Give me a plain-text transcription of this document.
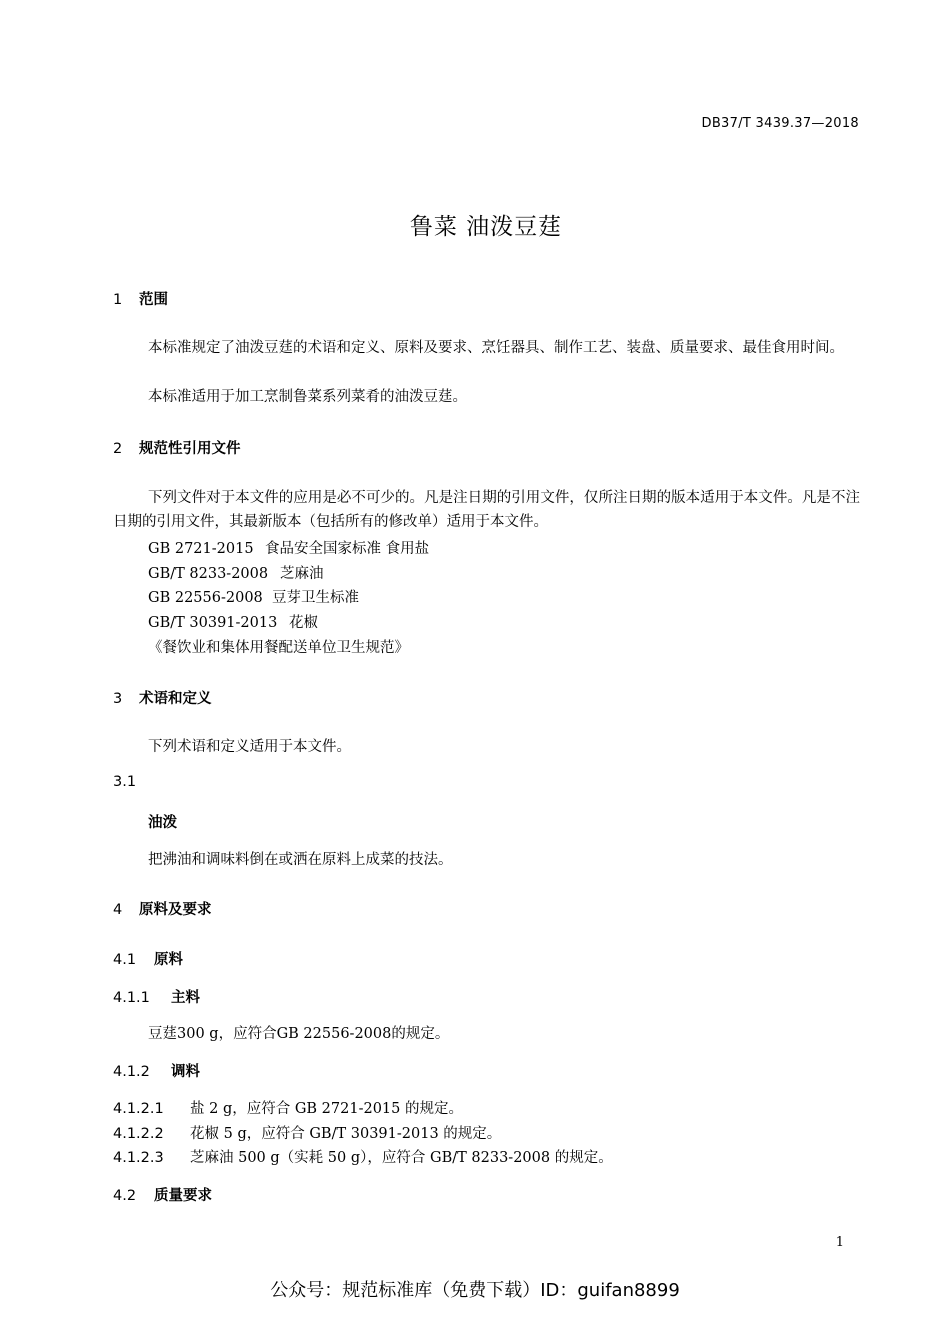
DB37/T 3439.37—2018
鲁菜 油泼豆莛
1 范围
本标准规定了油泼豆莛的术语和定义、原料及要求、烹饪器具、制作工艺、装盘、质量要求、最佳食用时间。
本标准适用于加工烹制鲁菜系列菜肴的油泼豆莛。
2 规范性引用文件
下列文件对于本文件的应用是必不可少的。凡是注日期的引用文件，仅所注日期的版本适用于本文件。凡是不注日期的引用文件，其最新版本（包括所有的修改单）适用于本文件。
GB 2721-2015 食品安全国家标准 食用盐
GB/T 8233-2008 芝麻油
GB 22556-2008 豆芽卫生标准
GB/T 30391-2013 花椒
《餐饮业和集体用餐配送单位卫生规范》
3 术语和定义
下列术语和定义适用于本文件。
3.1
油泼
把沸油和调味料倒在或洒在原料上成菜的技法。
4 原料及要求
4.1 原料
4.1.1 主料
豆莛300 g，应符合GB 22556-2008的规定。
4.1.2 调料
4.1.2.1 盐 2 g，应符合 GB 2721-2015 的规定。
4.1.2.2 花椒 5 g，应符合 GB/T 30391-2013 的规定。
4.1.2.3 芝麻油 500 g（实耗 50 g），应符合 GB/T 8233-2008 的规定。
4.2 质量要求
1
公众号：规范标准库（免费下载）ID：guifan8899
